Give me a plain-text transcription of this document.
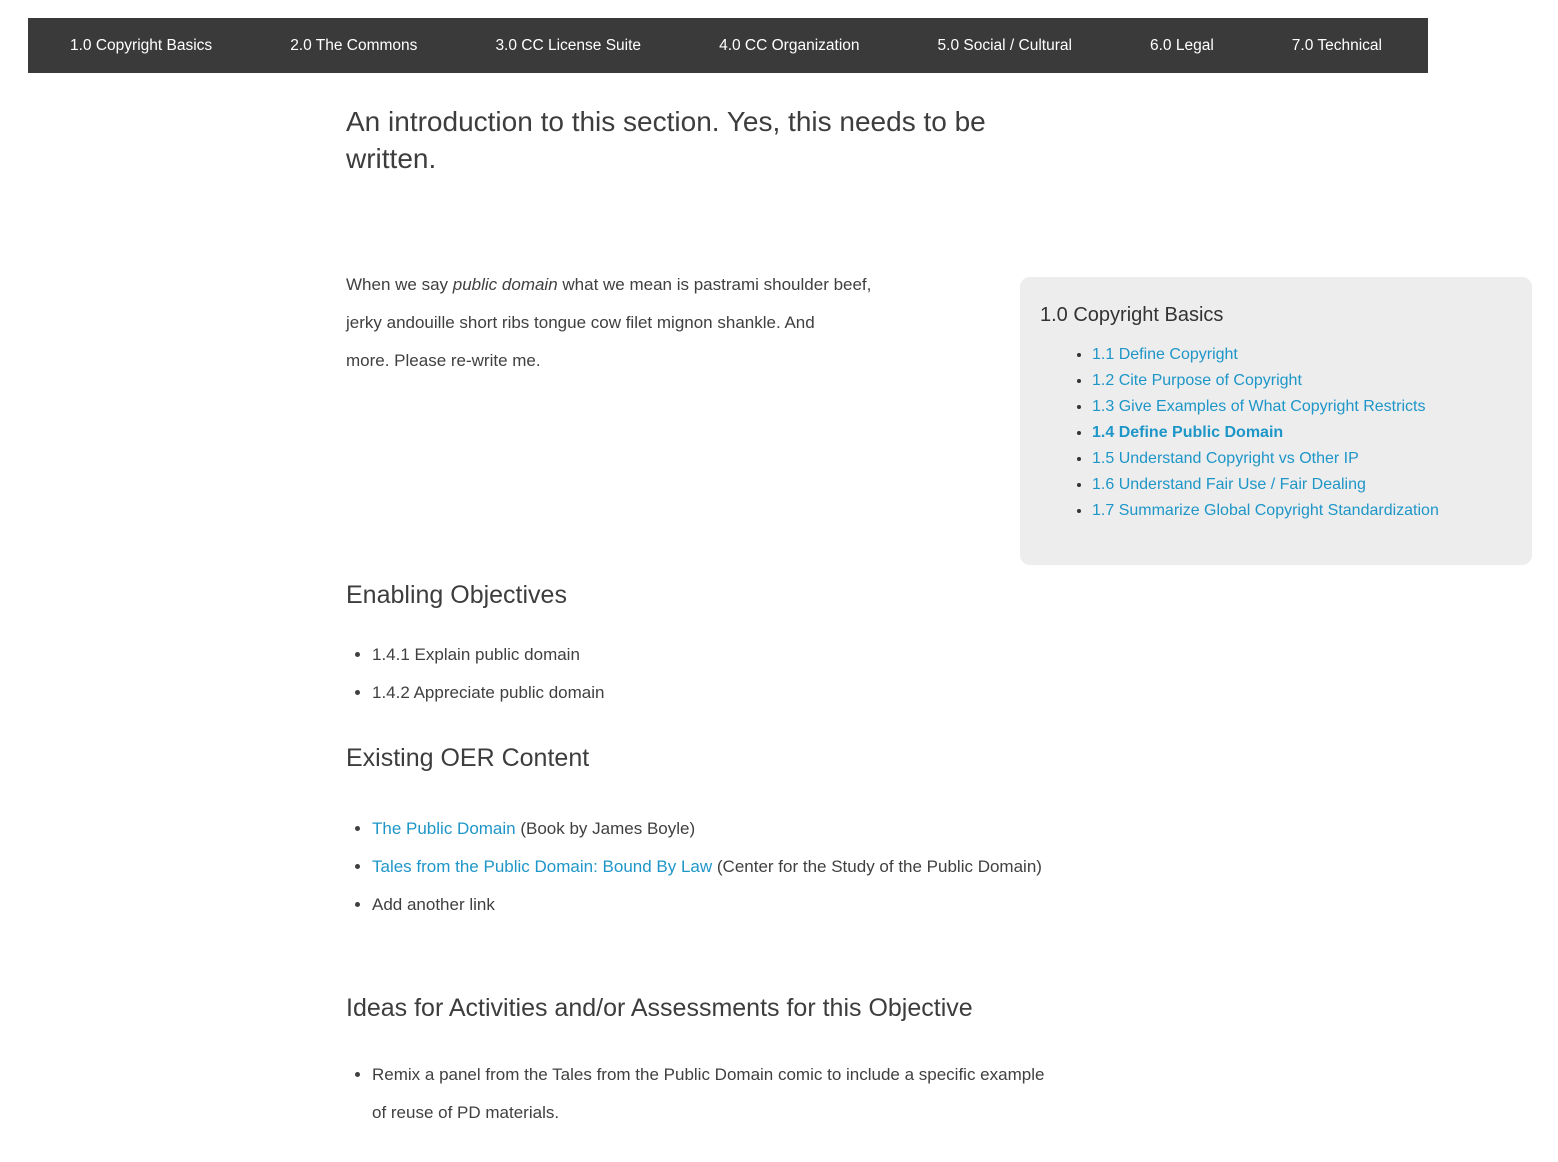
1.0 Copyright Basics	2.0 The Commons	3.0 CC License Suite	4.0 CC Organization	5.0 Social / Cultural	6.0 Legal	7.0 Technical
An introduction to this section. Yes, this needs to be
written.
When we say public domain what we mean is pastrami shoulder beef,
jerky andouille short ribs tongue cow filet mignon shankle. And
more. Please re-write me.
1.0 Copyright Basics
• 1.1 Define Copyright
• 1.2 Cite Purpose of Copyright
• 1.3 Give Examples of What Copyright Restricts
• 1.4 Define Public Domain
• 1.5 Understand Copyright vs Other IP
• 1.6 Understand Fair Use / Fair Dealing
• 1.7 Summarize Global Copyright Standardization
Enabling Objectives
• 1.4.1 Explain public domain
• 1.4.2 Appreciate public domain
Existing OER Content
• The Public Domain (Book by James Boyle)
• Tales from the Public Domain: Bound By Law (Center for the Study of the Public Domain)
• Add another link
Ideas for Activities and/or Assessments for this Objective
• Remix a panel from the Tales from the Public Domain comic to include a specific example of reuse of PD materials.
